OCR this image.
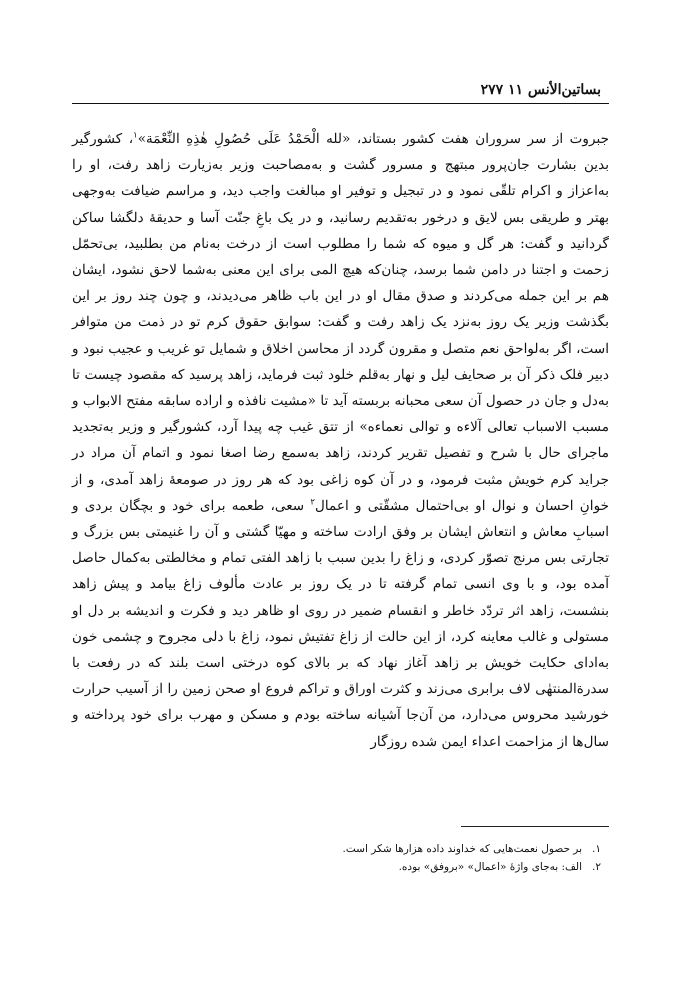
بساتین‌الأنس ۱۱ ۲۷۷

جبروت از سر سروران هفت کشور بستاند، «لله الْحَمْدُ عَلَی حُصُولِ هٰذِهِ النِّعْمَة»$^۱$، کشورگیر بدین بشارت جان‌پرور مبتهج و مسرور گشت و به‌مصاحبت وزیر به‌زیارت زاهد رفت، او را به‌اعزاز و اکرام تلقّی نمود و در تبجیل و توفیر او مبالغت واجب دید، و مراسم ضیافت به‌وجهی بهتر و طریقی بس لایق و درخور به‌تقدیم رسانید، و در یک باغِ جنّت آسا و حدیقهٔ دلگشا ساکن گردانید و گفت: هر گل و میوه که شما را مطلوب است از درخت به‌نام من بطلبید، بی‌تحمّل زحمت و اجتنا در دامن شما برسد، چنان‌که هیچ المی برای این معنی به‌شما لاحق نشود، ایشان هم بر این جمله می‌کردند و صدق مقال او در این باب ظاهر می‌دیدند، و چون چند روز بر این بگذشت وزیر یک روز به‌نزد یک زاهد رفت و گفت: سوابق حقوق کرم تو در ذمت من متوافر است، اگر به‌لواحق نعم متصل و مقرون گردد از محاسن اخلاق و شمایل تو غریب و عجیب نبود و دبیر فلک ذکر آن بر صحایف لیل و نهار به‌قلم خلود ثبت فرماید، زاهد پرسید که مقصود چیست تا به‌دل و جان در حصول آن سعی محبانه بربسته آید تا «مشیت نافذه و اراده سابقه مفتح الابواب و مسبب الاسباب تعالی آلاءه و توالی نعماءه» از تتق غیب چه پیدا آرد، کشورگیر و وزیر به‌تجدید ماجرای حال با شرح و تفصیل تقریر کردند، زاهد به‌سمع رضا اصغا نمود و اتمام آن مراد در جراید کرم خویش مثبت فرمود، و در آن کوه زاغی بود که هر روز در صومعهٔ زاهد آمدی، و از خوانِ احسان و نوال او بی‌احتمال مشقّتی و اعمال$^۲$ سعی، طعمه برای خود و بچگان بردی و اسبابِ معاش و انتعاش ایشان بر وفق ارادت ساخته و مهیّا گشتی و آن را غنیمتی بس بزرگ و تجارتی بس مرنج تصوّر کردی، و زاغ را بدین سبب با زاهد الفتی تمام و مخالطتی به‌کمال حاصل آمده بود، و با وی انسی تمام گرفته تا در یک روز بر عادت مألوف زاغ بیامد و پیش زاهد بنشست، زاهد اثر تردّد خاطر و انقسام ضمیر در روی او ظاهر دید و فکرت و اندیشه بر دل او مستولی و غالب معاینه کرد، از این حالت از زاغ تفتیش نمود، زاغ با دلی مجروح و چشمی خون به‌ادای حکایت خویش بر زاهد آغاز نهاد که بر بالای کوه درختی است بلند که در رفعت با سدرةالمنتهٰی لاف برابری می‌زند و کثرت اوراق و تراکم فروع او صحن زمین را از آسیب حرارت خورشید محروس می‌دارد، من آن‌جا آشیانه ساخته بودم و مسکن و مهرب برای خود پرداخته و سال‌ها از مزاحمت اعداء ایمن شده روزگار

۱.
بر حصول نعمت‌هایی که خداوند داده هزارها شکر است.
۲.
الف: به‌جای واژهٔ «اعمال» «بروفق» بوده.
